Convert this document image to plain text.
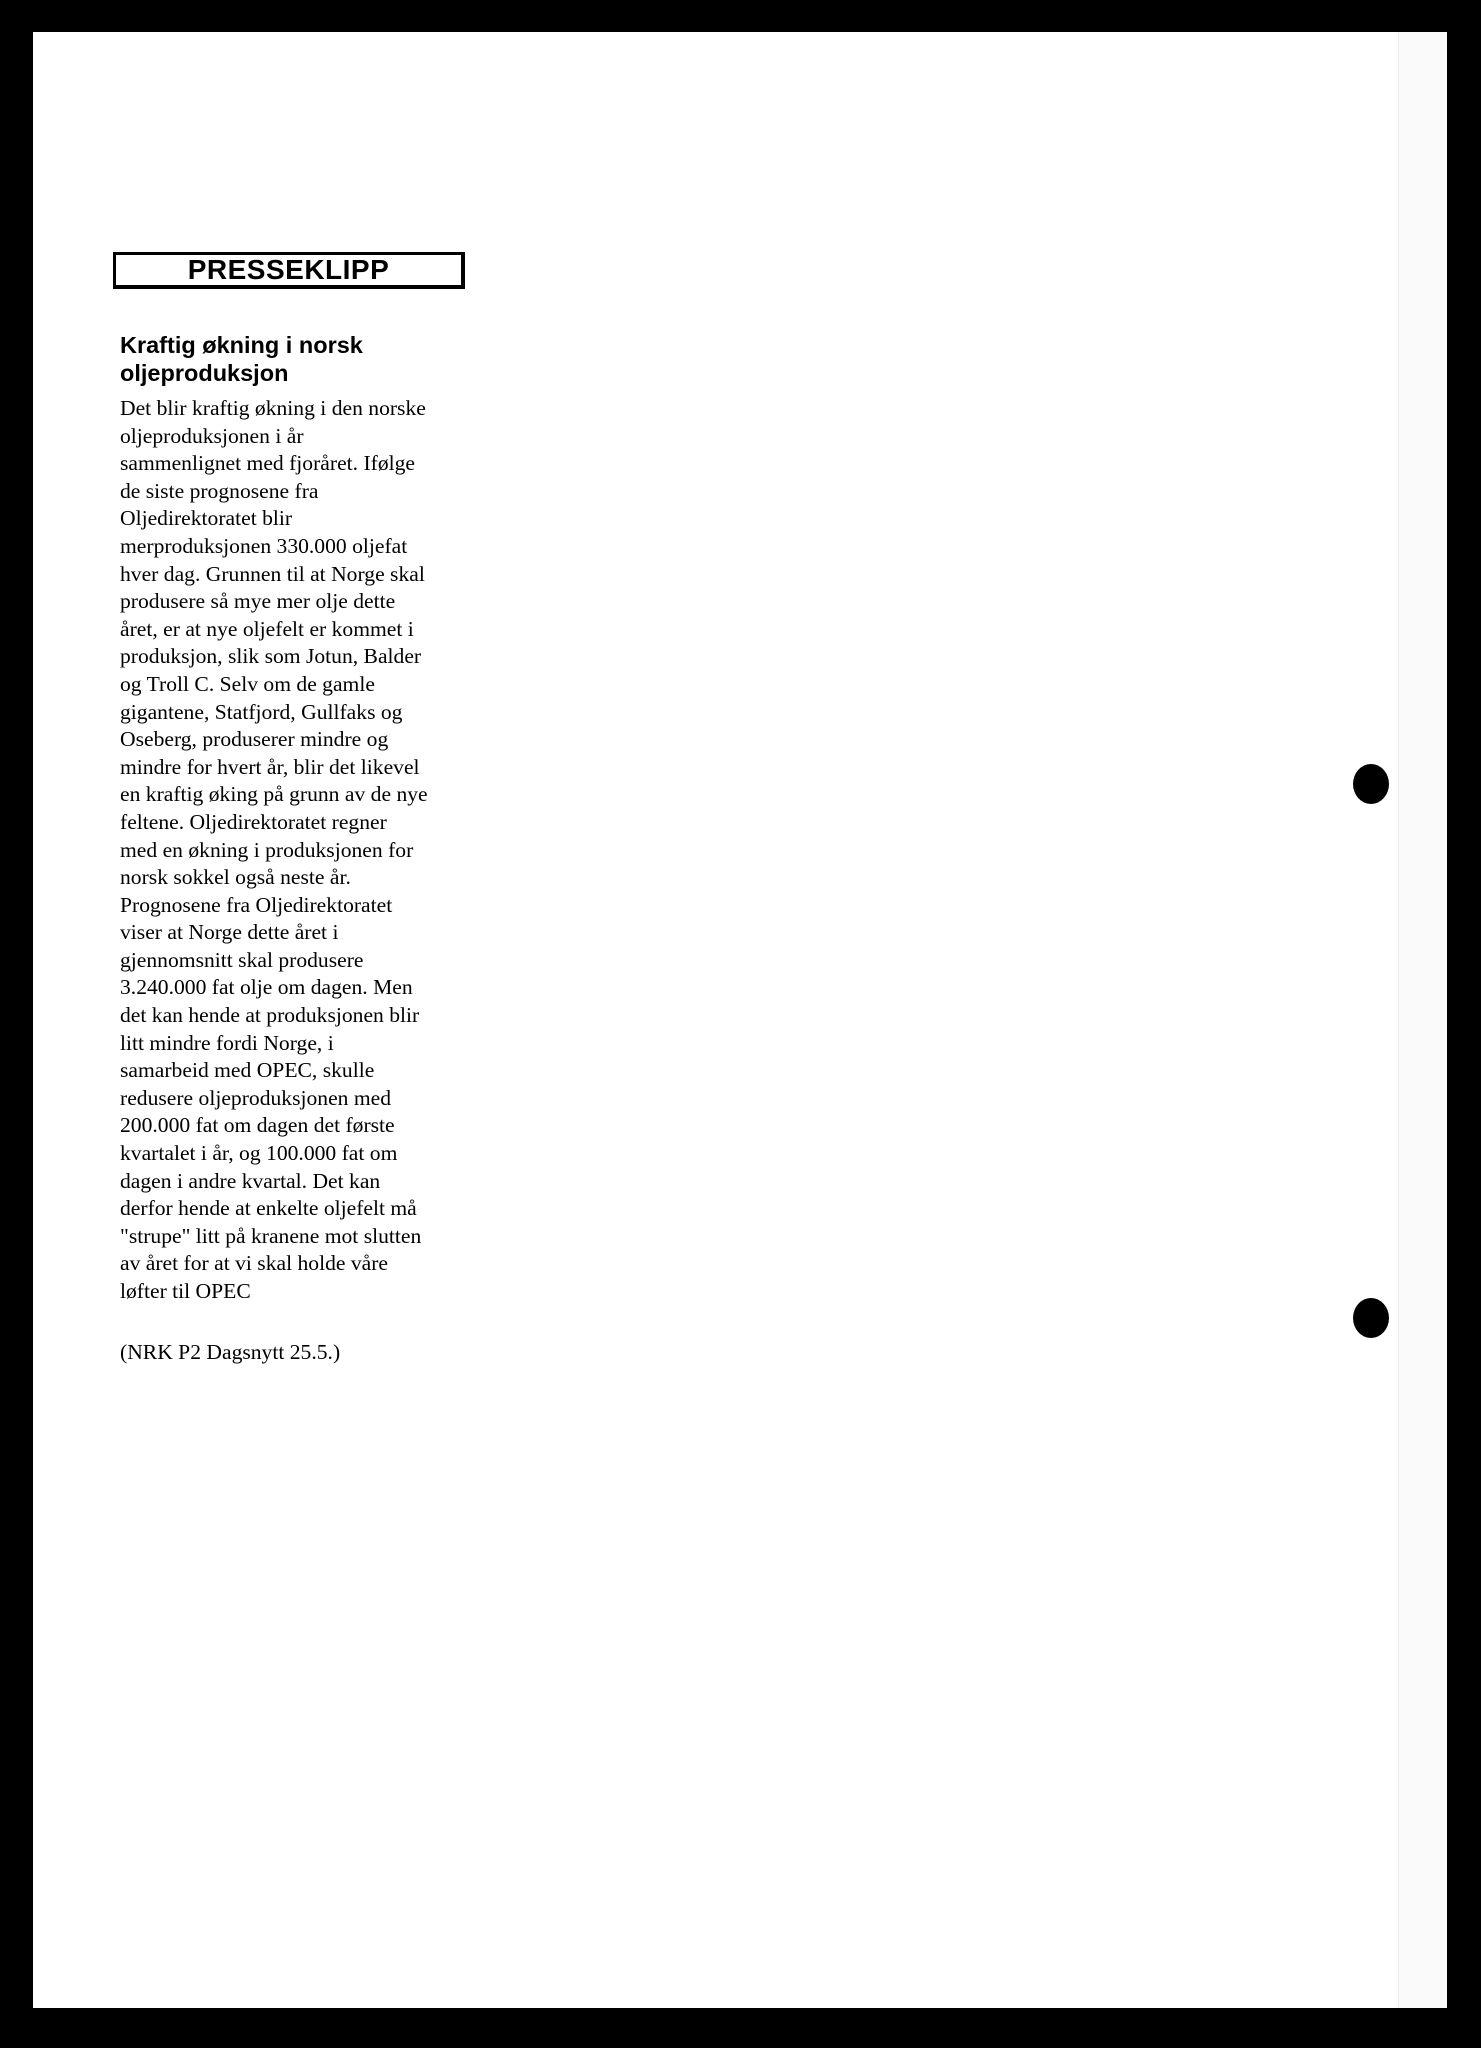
PRESSEKLIPP
Kraftig økning i norsk oljeproduksjon

Det blir kraftig økning i den norske
oljeproduksjonen i år
sammenlignet med fjoråret. Ifølge
de siste prognosene fra
Oljedirektoratet blir
merproduksjonen 330.000 oljefat
hver dag. Grunnen til at Norge skal
produsere så mye mer olje dette
året, er at nye oljefelt er kommet i
produksjon, slik som Jotun, Balder
og Troll C. Selv om de gamle
gigantene, Statfjord, Gullfaks og
Oseberg, produserer mindre og
mindre for hvert år, blir det likevel
en kraftig øking på grunn av de nye
feltene. Oljedirektoratet regner
med en økning i produksjonen for
norsk sokkel også neste år.
Prognosene fra Oljedirektoratet
viser at Norge dette året i
gjennomsnitt skal produsere
3.240.000 fat olje om dagen. Men
det kan hende at produksjonen blir
litt mindre fordi Norge, i
samarbeid med OPEC, skulle
redusere oljeproduksjonen med
200.000 fat om dagen det første
kvartalet i år, og 100.000 fat om
dagen i andre kvartal. Det kan
derfor hende at enkelte oljefelt må
"strupe" litt på kranene mot slutten
av året for at vi skal holde våre
løfter til OPEC

(NRK P2 Dagsnytt 25.5.)
